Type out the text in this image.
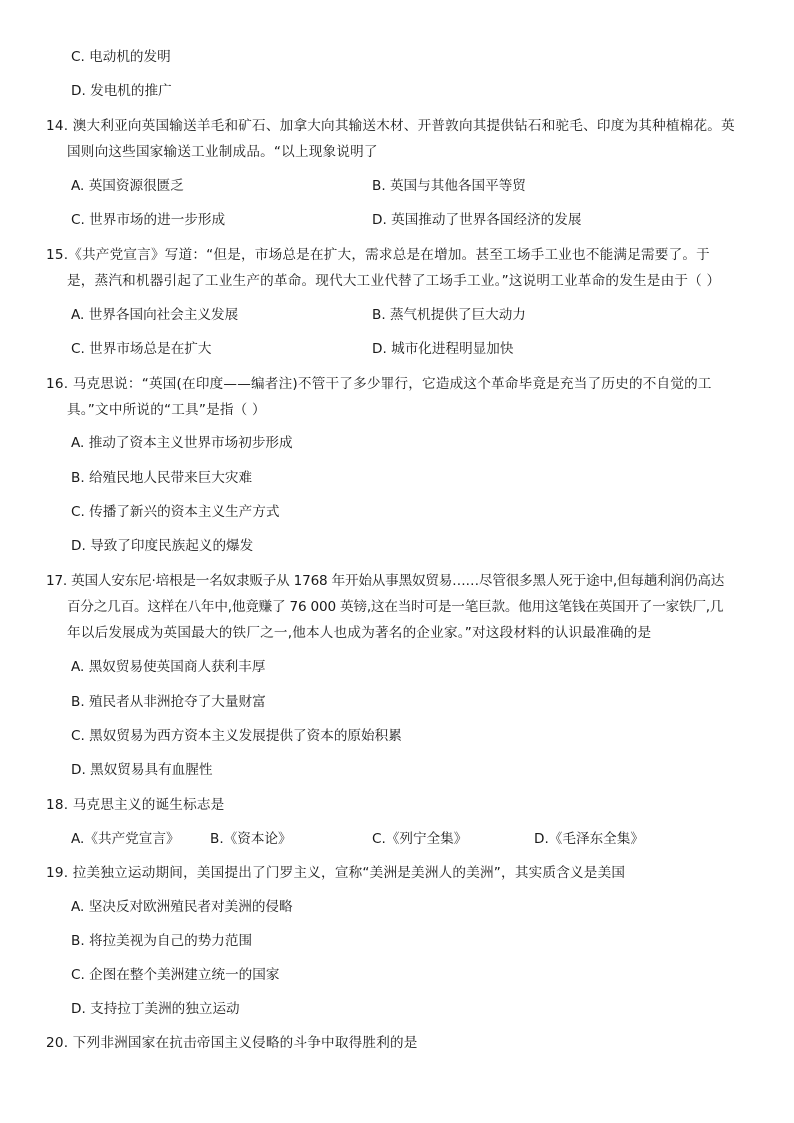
C. 电动机的发明
D. 发电机的推广
14. 澳大利亚向英国输送羊毛和矿石、加拿大向其输送木材、开普敦向其提供钻石和驼毛、印度为其种植棉花。英
国则向这些国家输送工业制成品。“以上现象说明了
A. 英国资源很匮乏	B. 英国与其他各国平等贸
C. 世界市场的进一步形成	D. 英国推动了世界各国经济的发展
15.《共产党宣言》写道：“但是，市场总是在扩大，需求总是在增加。甚至工场手工业也不能满足需要了。于
是，蒸汽和机器引起了工业生产的革命。现代大工业代替了工场手工业。”这说明工业革命的发生是由于（ ）
A. 世界各国向社会主义发展	B. 蒸气机提供了巨大动力
C. 世界市场总是在扩大	D. 城市化进程明显加快
16. 马克思说：“英国(在印度——编者注)不管干了多少罪行，它造成这个革命毕竟是充当了历史的不自觉的工
具。”文中所说的“工具”是指（ ）
A. 推动了资本主义世界市场初步形成
B. 给殖民地人民带来巨大灾难
C. 传播了新兴的资本主义生产方式
D. 导致了印度民族起义的爆发
17. 英国人安东尼·培根是一名奴隶贩子从 1768 年开始从事黑奴贸易……尽管很多黑人死于途中,但每趟利润仍高达
百分之几百。这样在八年中,他竟赚了 76 000 英镑,这在当时可是一笔巨款。他用这笔钱在英国开了一家铁厂,几
年以后发展成为英国最大的铁厂之一,他本人也成为著名的企业家。”对这段材料的认识最准确的是
A. 黑奴贸易使英国商人获利丰厚
B. 殖民者从非洲抢夺了大量财富
C. 黑奴贸易为西方资本主义发展提供了资本的原始积累
D. 黑奴贸易具有血腥性
18. 马克思主义的诞生标志是
A.《共产党宣言》 B.《资本论》	C.《列宁全集》	D.《毛泽东全集》
19. 拉美独立运动期间，美国提出了门罗主义，宣称“美洲是美洲人的美洲”，其实质含义是美国
A. 坚决反对欧洲殖民者对美洲的侵略
B. 将拉美视为自己的势力范围
C. 企图在整个美洲建立统一的国家
D. 支持拉丁美洲的独立运动
20. 下列非洲国家在抗击帝国主义侵略的斗争中取得胜利的是
